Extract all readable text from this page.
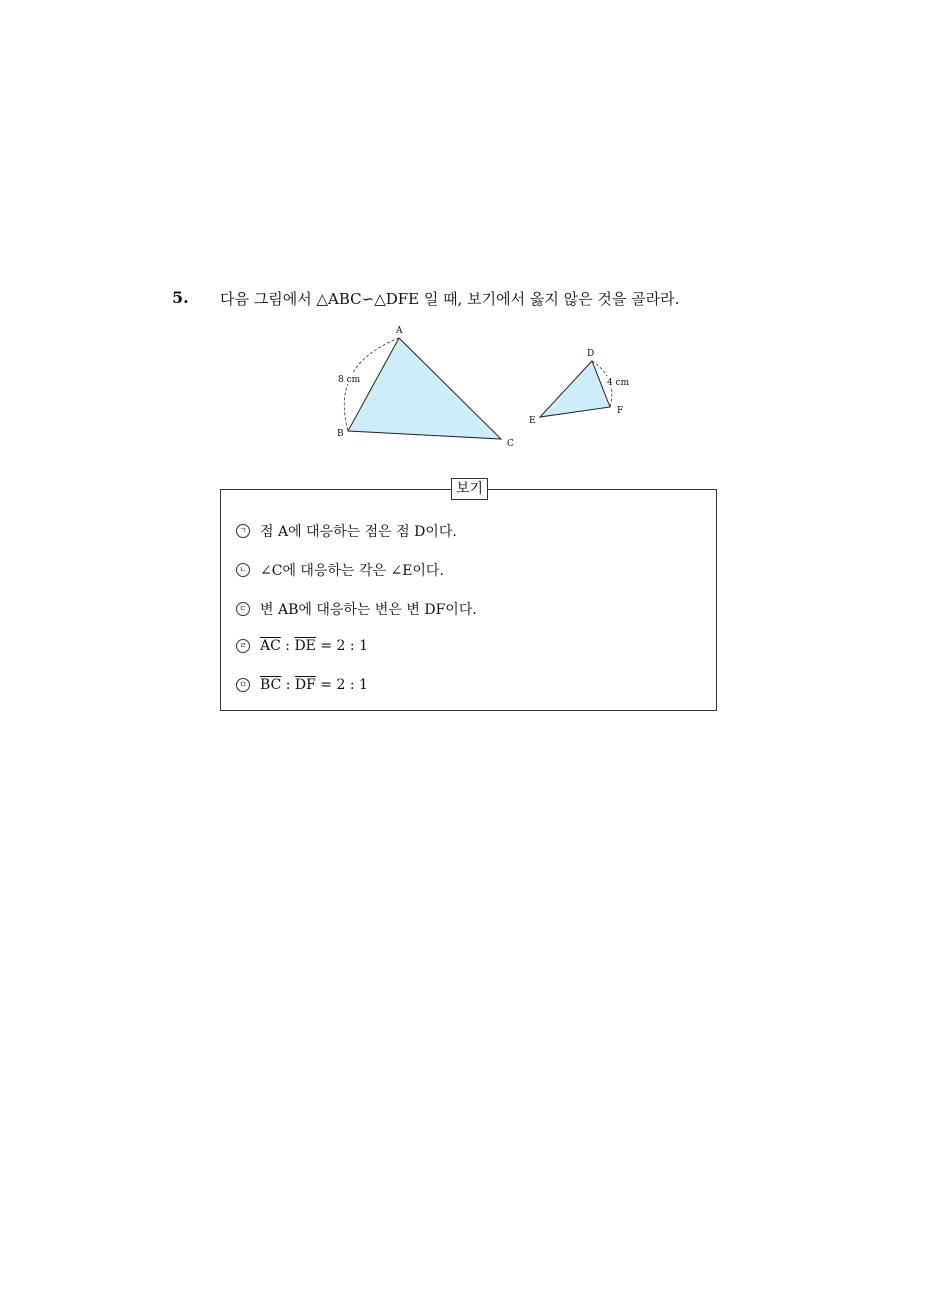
5. 다음 그림에서 △ABC∽△DFE 일 때, 보기에서 옳지 않은 것을 골라라.
8 cm
A
B
C
4 cm
D
E
F
보기
ㄱ 점 A에 대응하는 점은 점 D이다.
ㄴ ∠C에 대응하는 각은 ∠E이다.
ㄷ 변 AB에 대응하는 변은 변 DF이다.
ㄹ $\overline{AC}$ : $\overline{DE} = 2$ : 1
ㅁ $\overline{BC}$ : $\overline{DF} = 2$ : 1
